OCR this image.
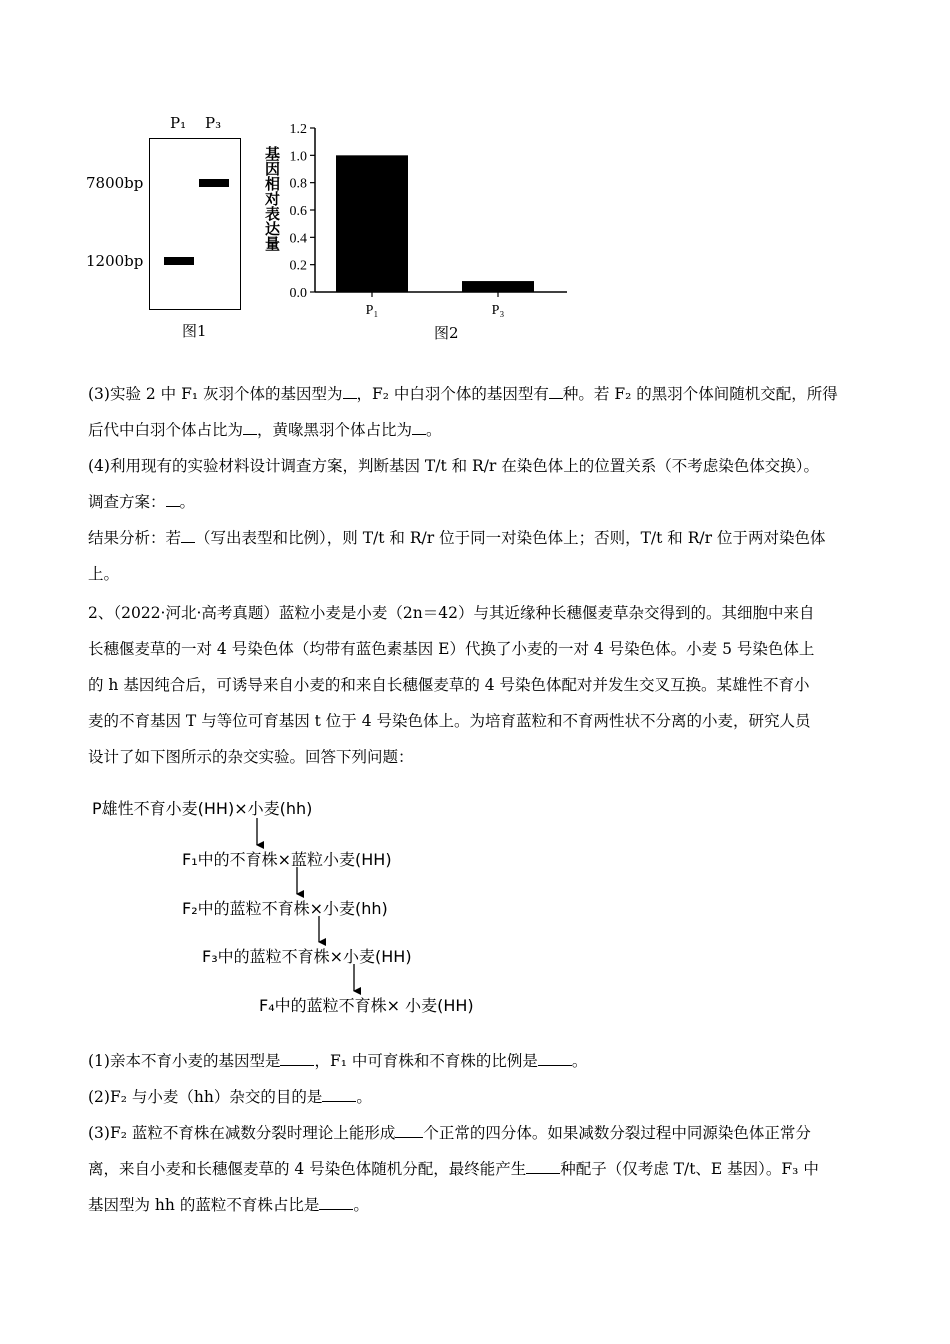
P₁ P₃
7800bp
1200bp
图1
0.0
0.2
0.4
0.6
0.8
1.0
1.2
P₁	P₃
基因相对表达量
图2
(3)实验 2 中 F₁ 灰羽个体的基因型为 ，F₂ 中白羽个体的基因型有 种。若 F₂ 的黑羽个体间随机交配，所得
后代中白羽个体占比为 ，黄喙黑羽个体占比为 。
(4)利用现有的实验材料设计调查方案，判断基因 T/t 和 R/r 在染色体上的位置关系（不考虑染色体交换）。
调查方案： 。
结果分析：若 （写出表型和比例），则 T/t 和 R/r 位于同一对染色体上；否则，T/t 和 R/r 位于两对染色体
上。
2、（2022·河北·高考真题）蓝粒小麦是小麦（2n＝42）与其近缘种长穗偃麦草杂交得到的。其细胞中来自
长穗偃麦草的一对 4 号染色体（均带有蓝色素基因 E）代换了小麦的一对 4 号染色体。小麦 5 号染色体上
的 h 基因纯合后，可诱导来自小麦的和来自长穗偃麦草的 4 号染色体配对并发生交叉互换。某雄性不育小
麦的不育基因 T 与等位可育基因 t 位于 4 号染色体上。为培育蓝粒和不育两性状不分离的小麦，研究人员
设计了如下图所示的杂交实验。回答下列问题：
P雄性不育小麦(HH)×小麦(hh)
F₁中的不育株×蓝粒小麦(HH)
F₂中的蓝粒不育株×小麦(hh)
F₃中的蓝粒不育株×小麦(HH)
F₄中的蓝粒不育株× 小麦(HH)
(1)亲本不育小麦的基因型是 ，F₁ 中可育株和不育株的比例是 。
(2)F₂ 与小麦（hh）杂交的目的是 。
(3)F₂ 蓝粒不育株在减数分裂时理论上能形成 个正常的四分体。如果减数分裂过程中同源染色体正常分
离，来自小麦和长穗偃麦草的 4 号染色体随机分配，最终能产生 种配子（仅考虑 T/t、E 基因）。F₃ 中
基因型为 hh 的蓝粒不育株占比是 。
